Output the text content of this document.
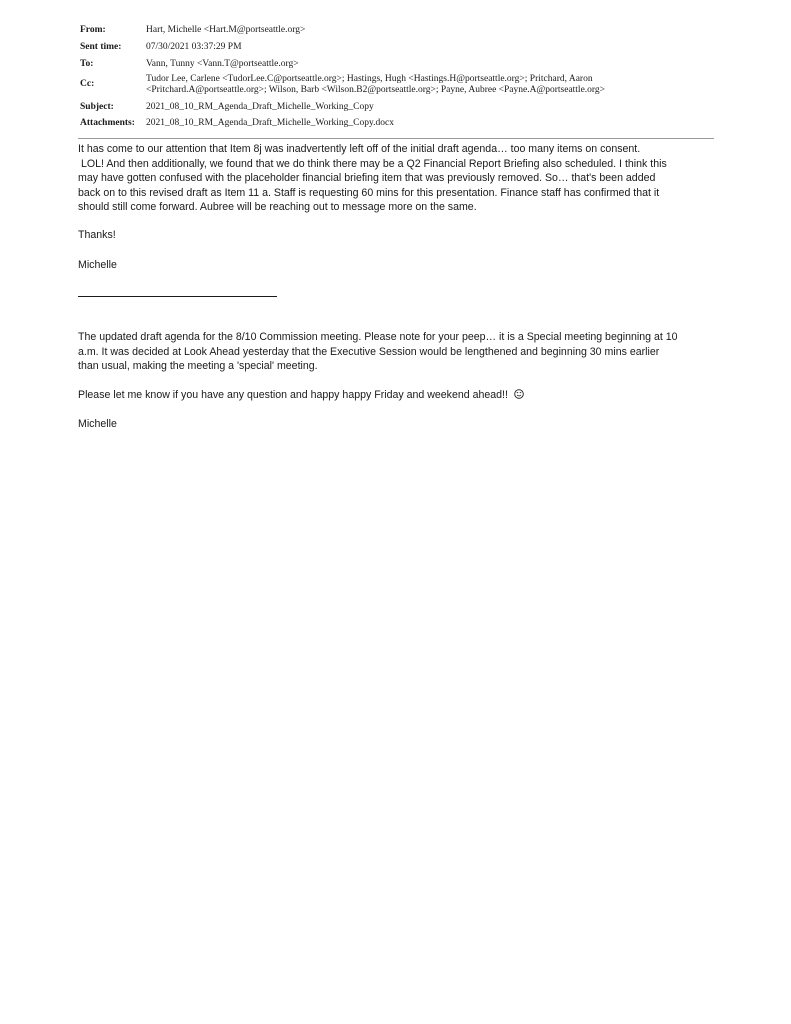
From:	Hart, Michelle <Hart.M@portseattle.org>
Sent time:	07/30/2021 03:37:29 PM
To:	Vann, Tunny <Vann.T@portseattle.org>
Cc:	Tudor Lee, Carlene <TudorLee.C@portseattle.org>; Hastings, Hugh <Hastings.H@portseattle.org>; Pritchard, Aaron
<Pritchard.A@portseattle.org>; Wilson, Barb <Wilson.B2@portseattle.org>; Payne, Aubree <Payne.A@portseattle.org>
Subject:	2021_08_10_RM_Agenda_Draft_Michelle_Working_Copy
Attachments:	2021_08_10_RM_Agenda_Draft_Michelle_Working_Copy.docx
It has come to our attention that Item 8j was inadvertently left off of the initial draft agenda… too many items on consent.
LOL! And then additionally, we found that we do think there may be a Q2 Financial Report Briefing also scheduled. I think this
may have gotten confused with the placeholder financial briefing item that was previously removed. So… that's been added
back on to this revised draft as Item 11 a. Staff is requesting 60 mins for this presentation. Finance staff has confirmed that it
should still come forward. Aubree will be reaching out to message more on the same.
Thanks!
Michelle
The updated draft agenda for the 8/10 Commission meeting. Please note for your peep… it is a Special meeting beginning at 10
a.m. It was decided at Look Ahead yesterday that the Executive Session would be lengthened and beginning 30 mins earlier
than usual, making the meeting a 'special' meeting.
Please let me know if you have any question and happy happy Friday and weekend ahead!!
Michelle
